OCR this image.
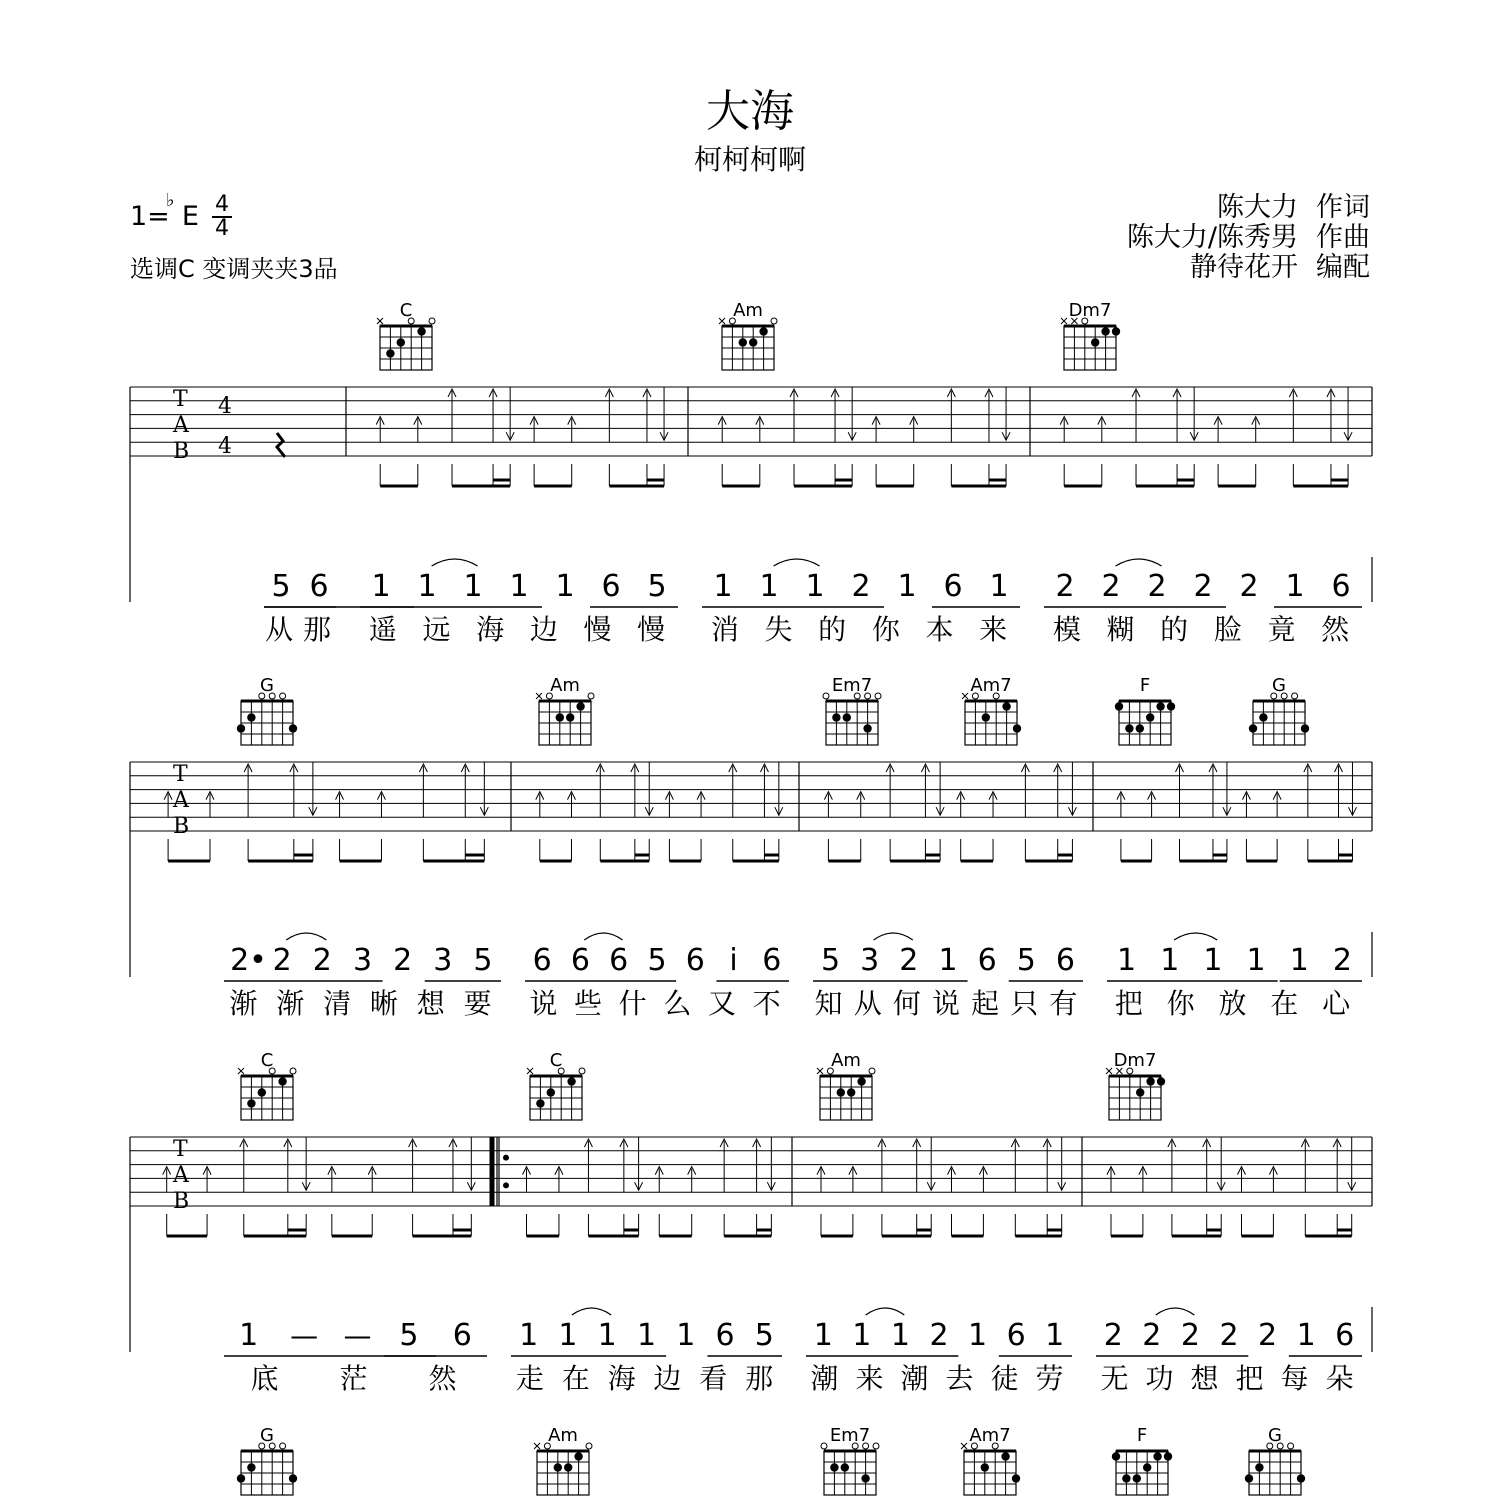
大海
柯柯柯啊
1= E
♭ 4
4
选调C 变调夹夹3品
陈大力 作词
陈大力/陈秀男 作曲
静待花开 编配
C	Am	Dm7
T
A
B
4
4
5 6 1 1 1 1 1 6 5 1 1 1 2 1 6 1 2 2 2 2 2 1 6
从 那 遥 远 海 边 慢 慢 消 失 的 你 本 来 模 糊 的 脸 竟 然
G	Am	Em7	Am7	F	G
T
A
B
2• 2 2 3 2 3 5 6 6 6 5 6 i 6 5 3 2 1 6 5 6 1 1 1 1 1 2
渐 渐 清 晰 想 要 说 些 什 么 又 不 知 从 何 说 起 只 有 把 你 放 在 心
C	C	Am	Dm7
T
A
B
1 — — 5 6 1 1 1 1 1 6 5 1 1 1 2 1 6 1 2 2 2 2 2 1 6
底 茫 然 走 在 海 边 看 那 潮 来 潮 去 徒 劳 无 功 想 把 每 朵
G	Am	Em7	Am7	F	G
